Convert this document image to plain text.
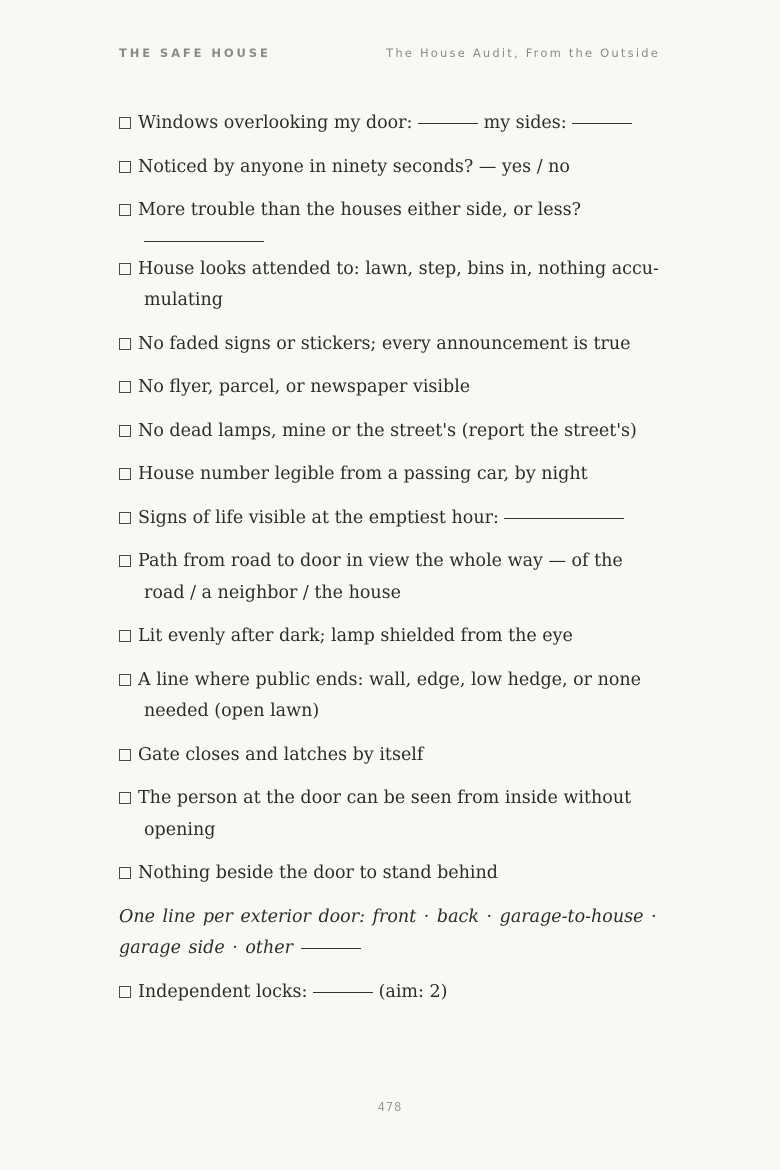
THE SAFE HOUSE	The House Audit, From the Outside

Windows overlooking my door:	my sides:

Noticed by anyone in ninety seconds? — yes / no

More trouble than the houses either side, or less?

House looks attended to: lawn, step, bins in, nothing accu-mulating

No faded signs or stickers; every announcement is true

No flyer, parcel, or newspaper visible

No dead lamps, mine or the street's (report the street's)

House number legible from a passing car, by night

Signs of life visible at the emptiest hour:

Path from road to door in view the whole way — of the road / a neighbor / the house

Lit evenly after dark; lamp shielded from the eye

A line where public ends: wall, edge, low hedge, or none needed (open lawn)

Gate closes and latches by itself

The person at the door can be seen from inside without opening

Nothing beside the door to stand behind

One line per exterior door: front · back · garage-to-house · garage side · other

Independent locks:	(aim: 2)

478
